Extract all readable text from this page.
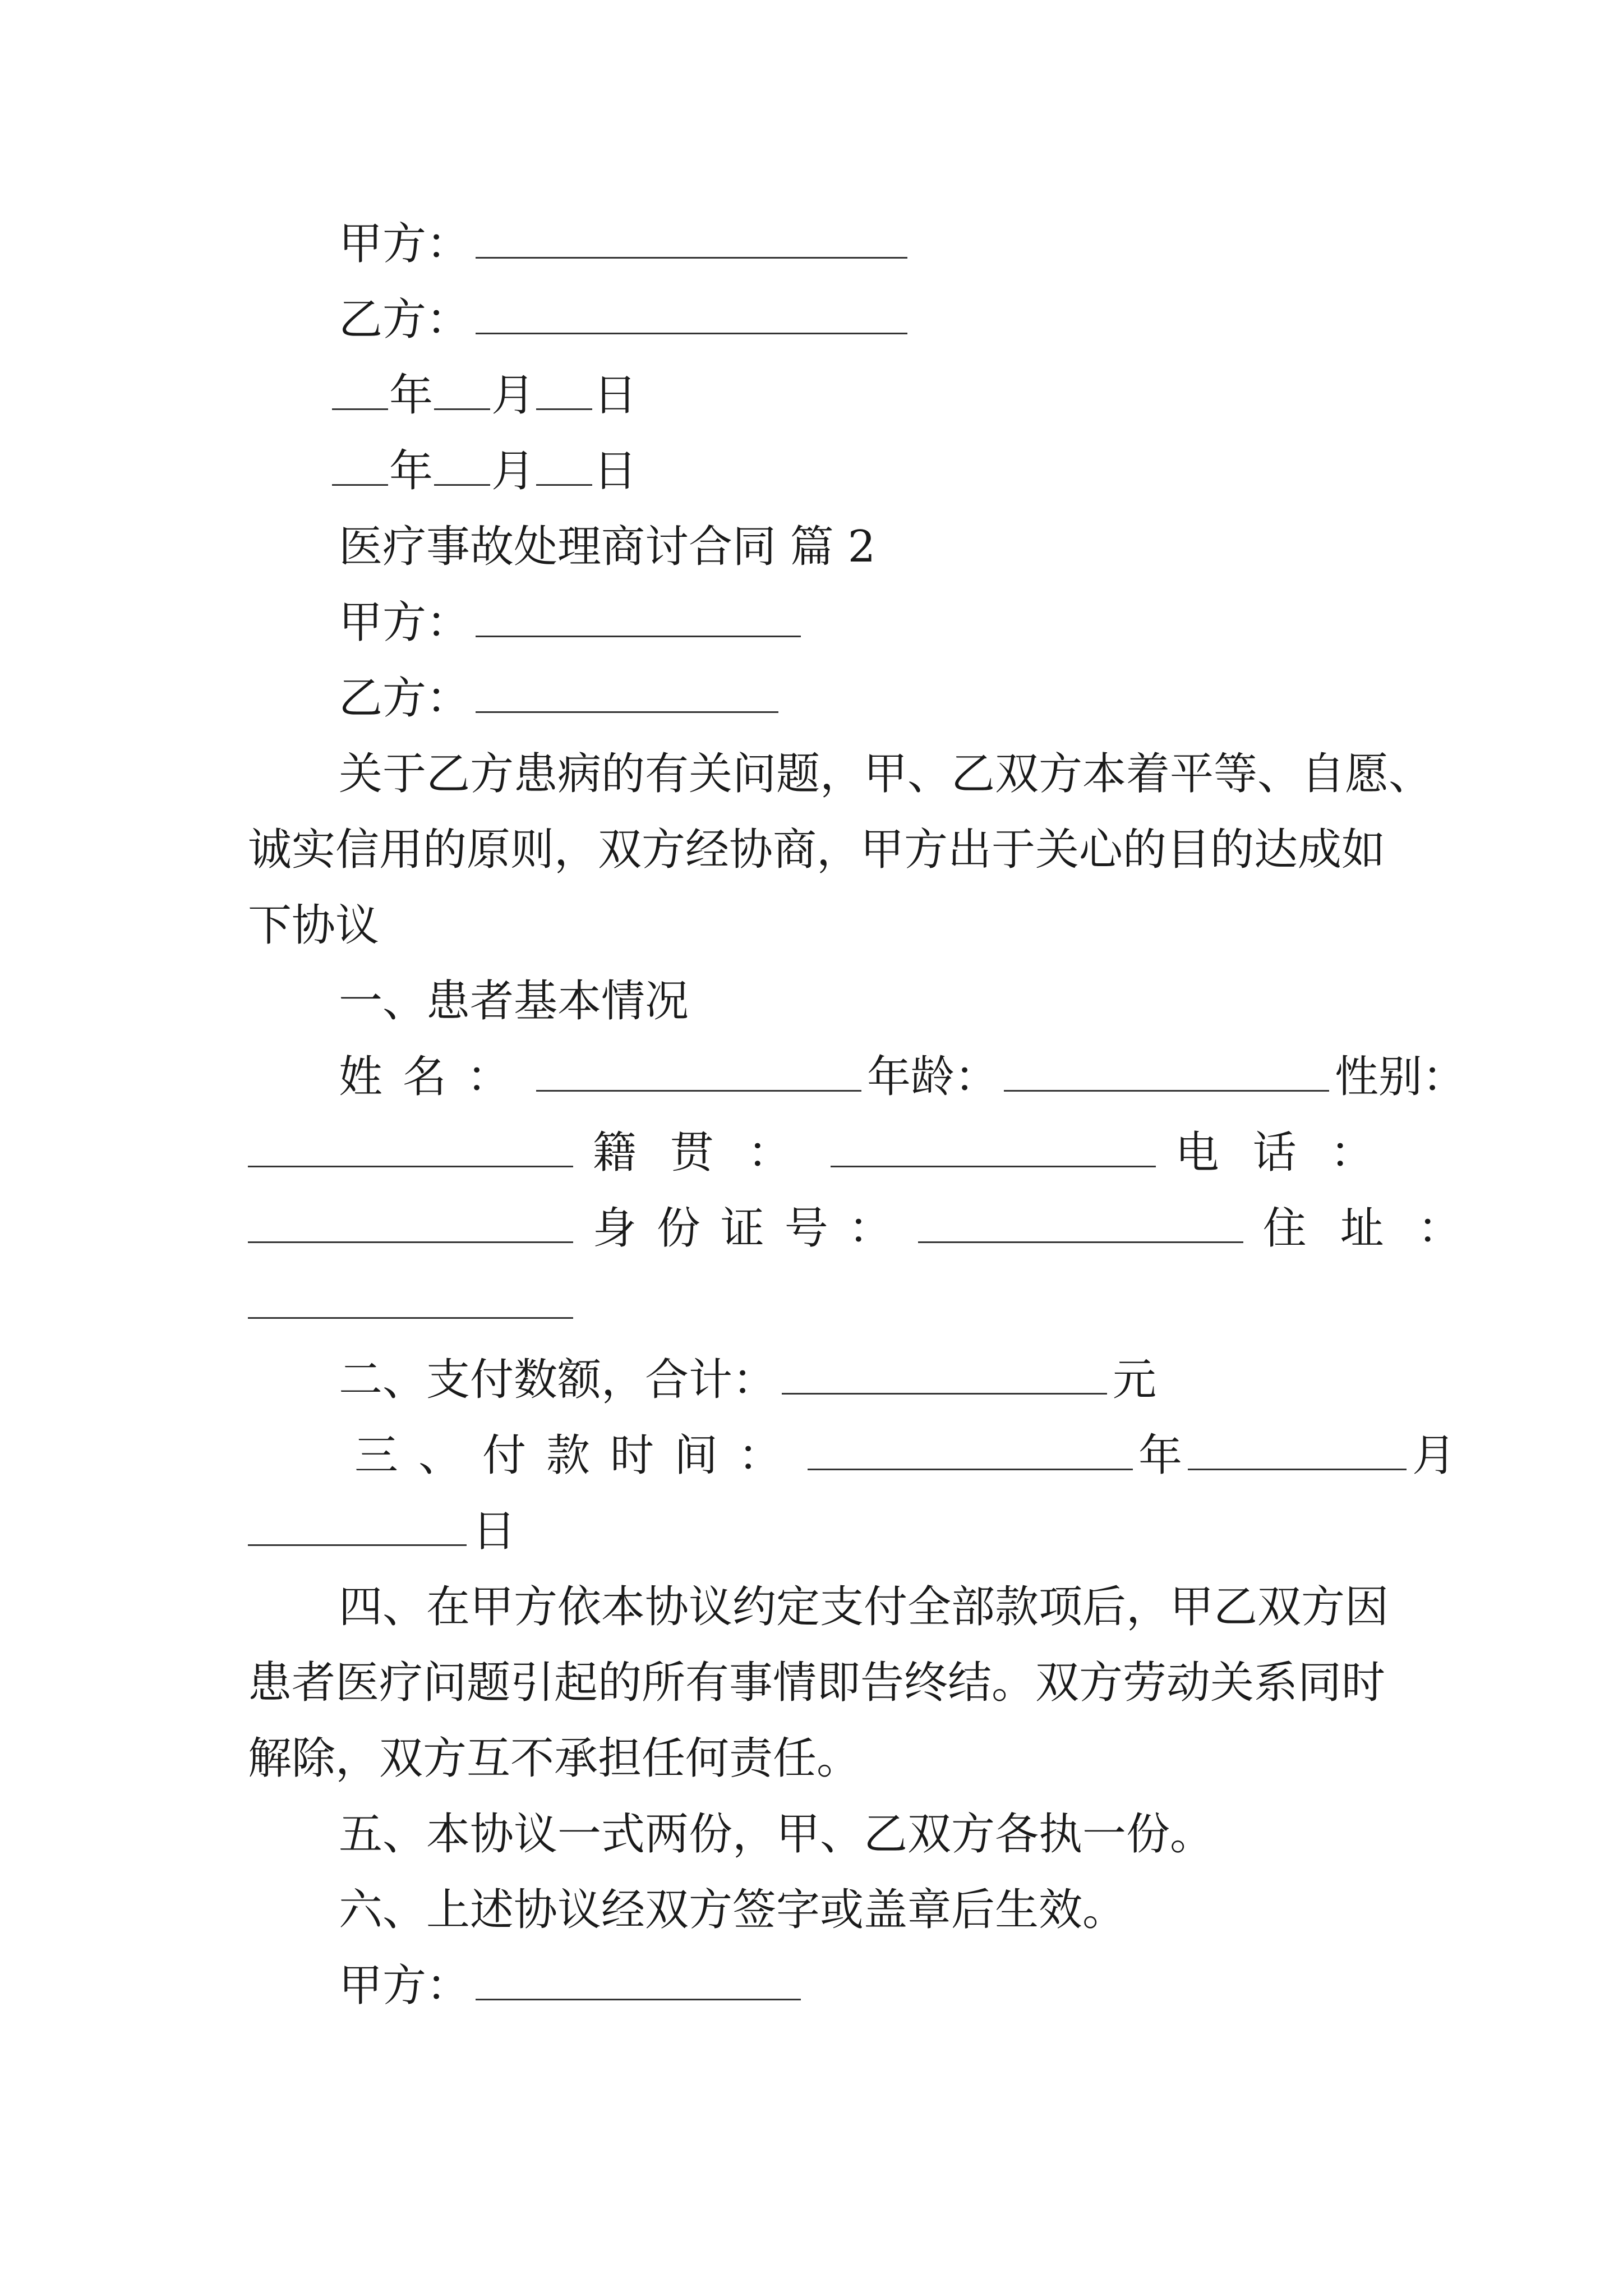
甲方：
乙方：
年 月 日
年 月 日
医疗事故处理商讨合同 篇 2
甲方：
乙方：
关于乙方患病的有关问题，甲、乙双方本着平等、自愿、
诚实信用的原则，双方经协商，甲方出于关心的目的达成如
下协议
一、患者基本情况
姓名：	年龄：	性别：
籍贯：	电话：
身份证号：	住址：
二、支付数额，合计：	元
三、付款时间：	年	月
日
四、在甲方依本协议约定支付全部款项后，甲乙双方因
患者医疗问题引起的所有事情即告终结。双方劳动关系同时
解除，双方互不承担任何责任。
五、本协议一式两份，甲、乙双方各执一份。
六、上述协议经双方签字或盖章后生效。
甲方：
